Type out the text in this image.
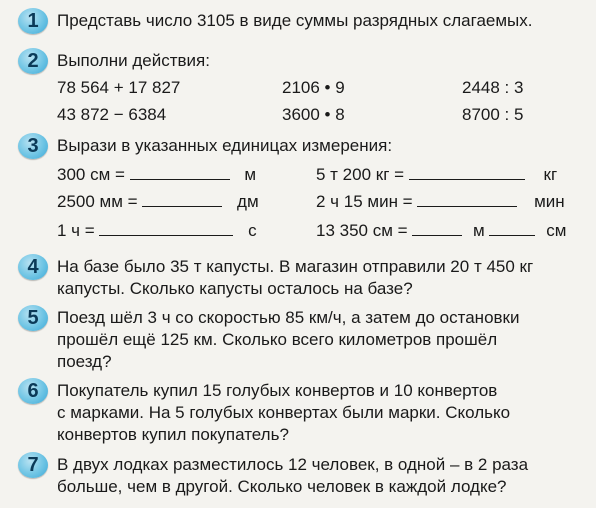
1	Представь число 3105 в виде суммы разрядных слагаемых.
2	Выполни действия:
78 564 + 17 827	2106 • 9	2448 : 3
43 872 − 6384	3600 • 8	8700 : 5
3	Вырази в указанных единицах измерения:
300 см =	м	5 т 200 кг =	кг
2500 мм =	дм	2 ч 15 мин =	мин
1 ч =	с	13 350 см =	м	см
4	На базе было 35 т капусты. В магазин отправили 20 т 450 кг
капусты. Сколько капусты осталось на базе?
5	Поезд шёл 3 ч со скоростью 85 км/ч, а затем до остановки
прошёл ещё 125 км. Сколько всего километров прошёл
поезд?
6	Покупатель купил 15 голубых конвертов и 10 конвертов
с марками. На 5 голубых конвертах были марки. Сколько
конвертов купил покупатель?
7	В двух лодках разместилось 12 человек, в одной – в 2 раза
больше, чем в другой. Сколько человек в каждой лодке?
